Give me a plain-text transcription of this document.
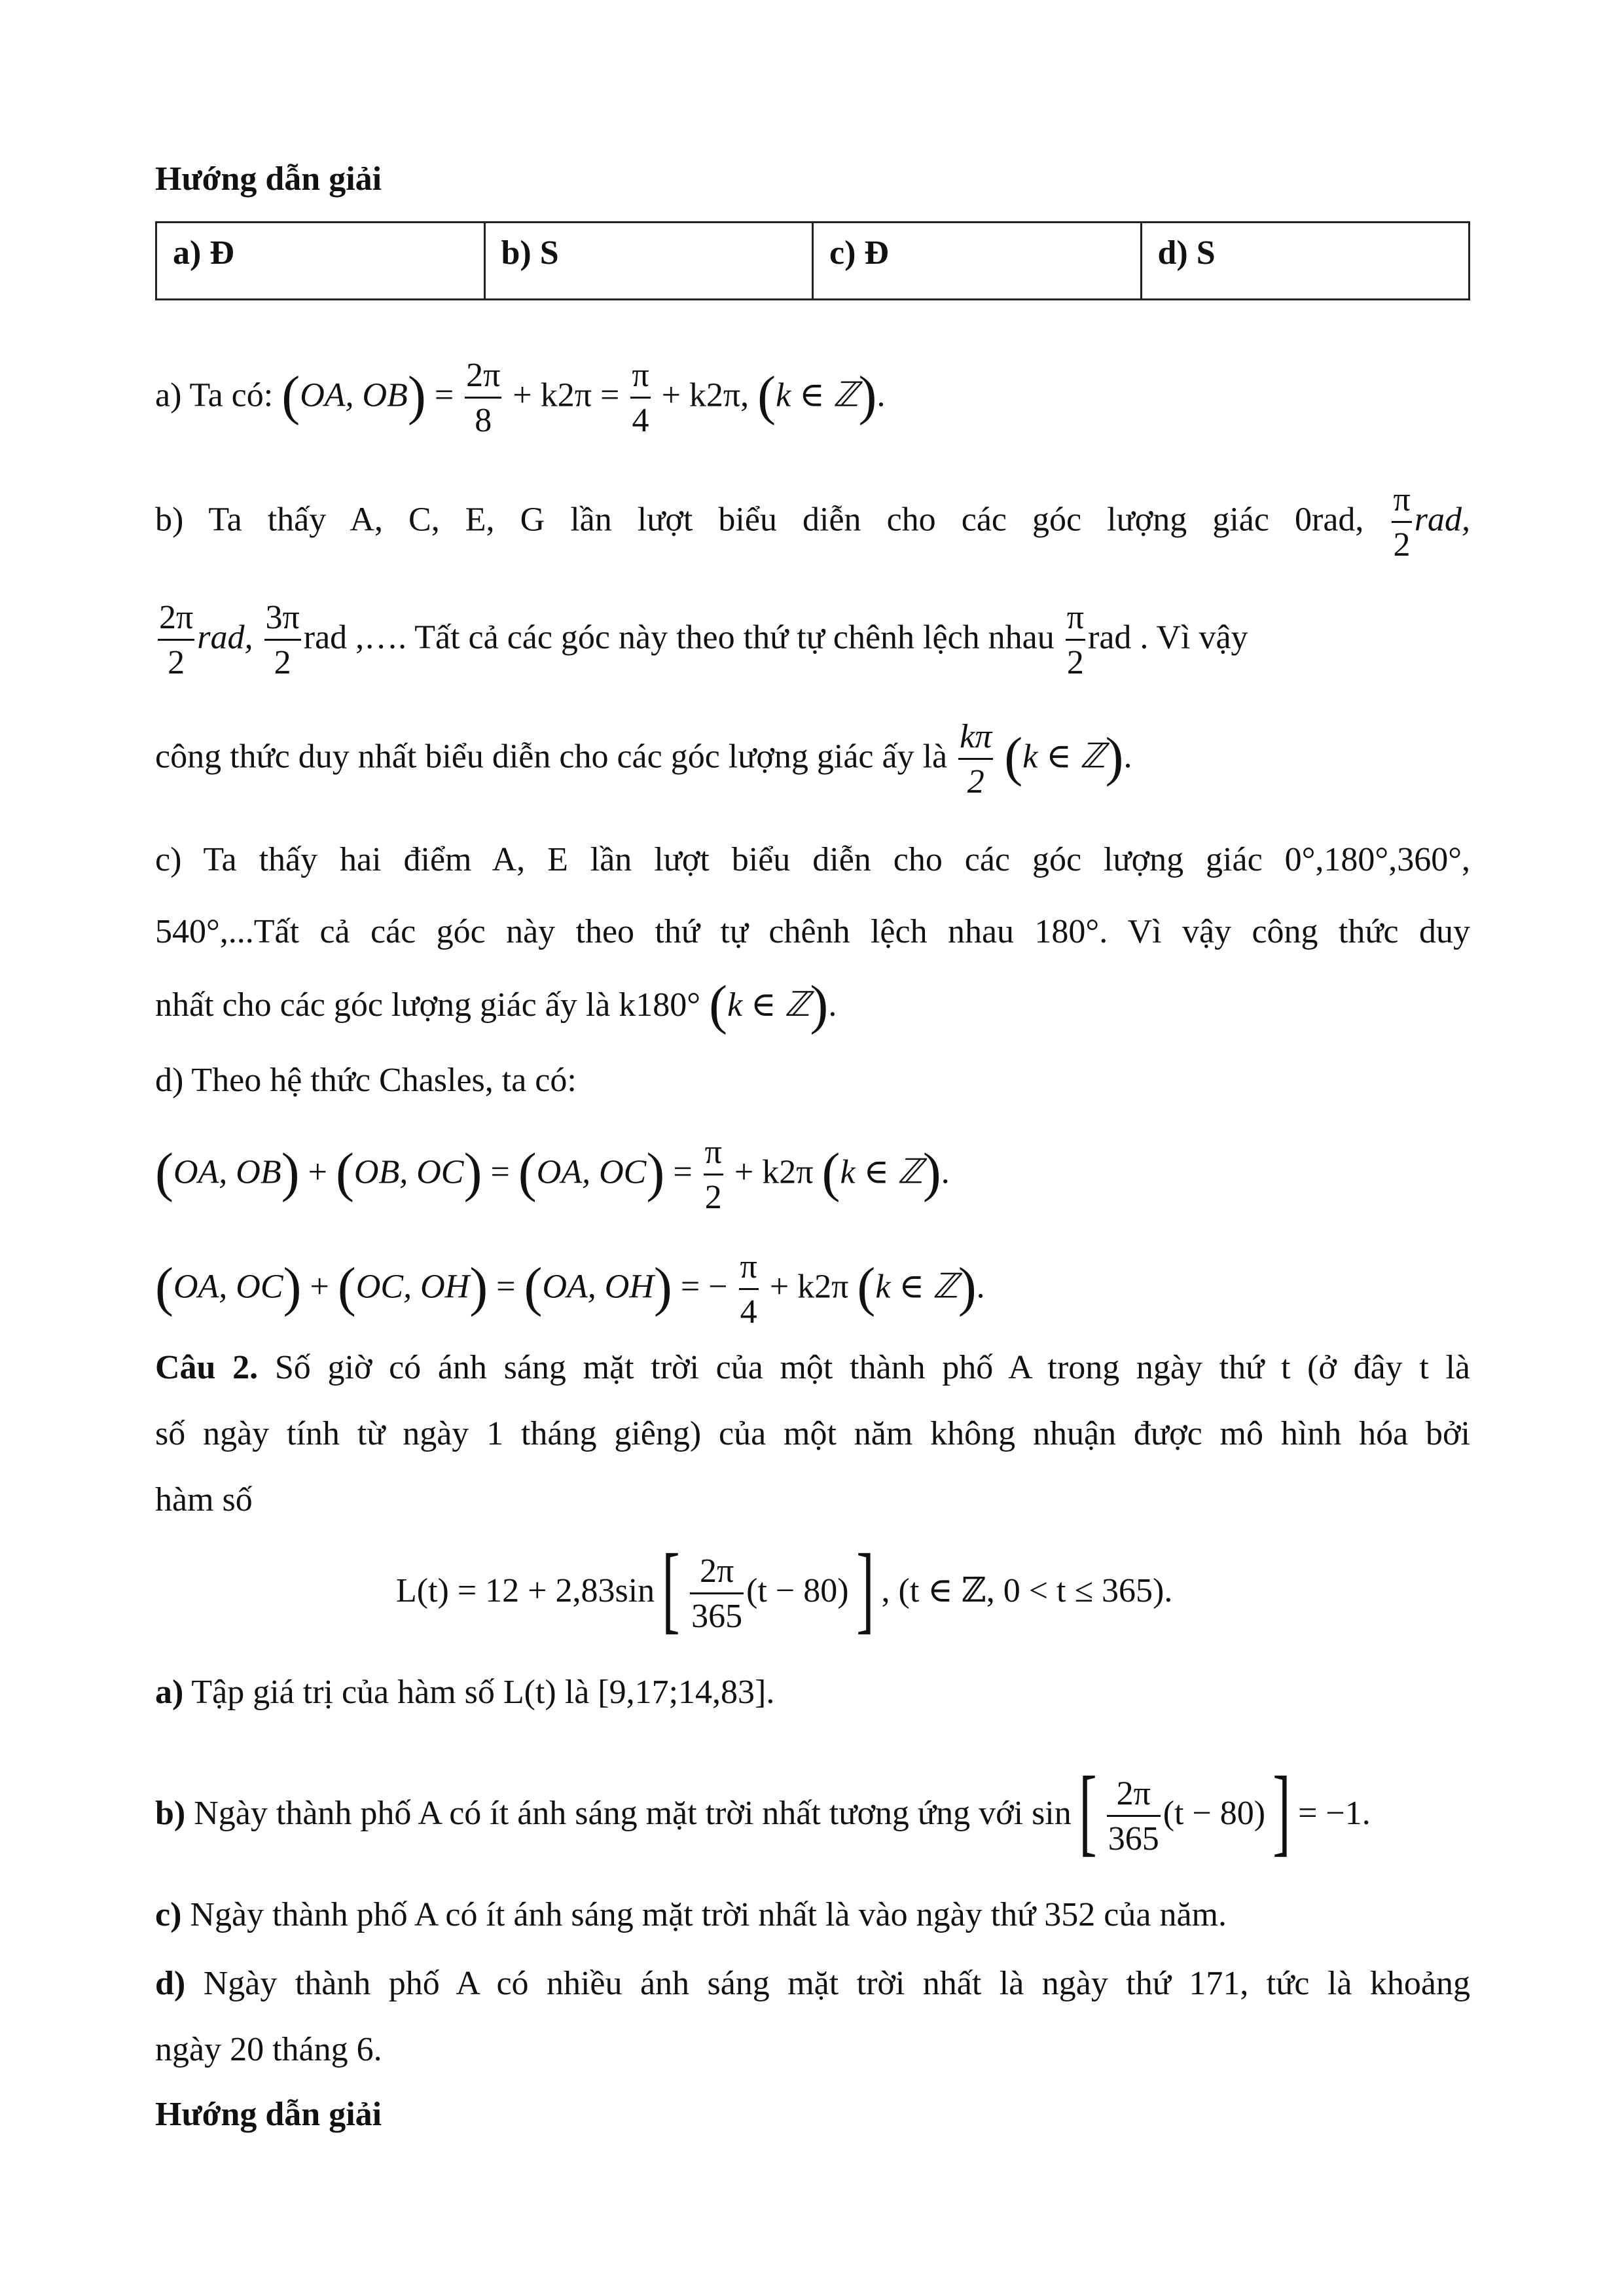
Hướng dẫn giải
a) Đ	b) S	c) Đ	d) S
a) Ta có: (OA, $OB) = \frac{2\pi}{8} + k2\pi = \frac{\pi}{4} + k2\pi$, (k ∈ ℤ).
b) Ta thấy A, C, E, G lần lượt biểu diễn cho các góc lượng giác 0rad, $\frac{\pi}{2}$ rad,
$\frac{2\pi}{2}$ rad, $\frac{3\pi}{2}$ rad ,…. Tất cả các góc này theo thứ tự chênh lệch nhau $\frac{\pi}{2}$ rad . Vì vậy
công thức duy nhất biểu diễn cho các góc lượng giác ấy là $\frac{k\pi}{2} (k$ ∈ ℤ).
c) Ta thấy hai điểm A, E lần lượt biểu diễn cho các góc lượng giác 0°,180°,360°,
540°,...Tất cả các góc này theo thứ tự chênh lệch nhau 180°. Vì vậy công thức duy
nhất cho các góc lượng giác ấy là k180° (k ∈ ℤ).
d) Theo hệ thức Chasles, ta có:
(OA, OB) + (OB, OC) = (OA, $OC) = \frac{\pi}{2} + k2\pi$ (k ∈ ℤ).
(OA, OC) + (OC, OH) = (OA, OH) = − $\frac{\pi}{4} + k2\pi$ (k ∈ ℤ).
Câu 2. Số giờ có ánh sáng mặt trời của một thành phố A trong ngày thứ t (ở đây t là
số ngày tính từ ngày 1 tháng giêng) của một năm không nhuận được mô hình hóa bởi
hàm số
$L(t) = 12 + 2,83\sin[ \frac{2\pi}{365} (t - 80)]$ , (t ∈ ℤ, 0 < t ≤ 365).
a) Tập giá trị của hàm số L(t) là [9,17;14,83].
b) Ngày thành phố A có ít ánh sáng mặt trời nhất tương ứng với $\sin[ \frac{2\pi}{365} (t - 80)] = -1$.
c) Ngày thành phố A có ít ánh sáng mặt trời nhất là vào ngày thứ 352 của năm.
d) Ngày thành phố A có nhiều ánh sáng mặt trời nhất là ngày thứ 171, tức là khoảng
ngày 20 tháng 6.
Hướng dẫn giải
